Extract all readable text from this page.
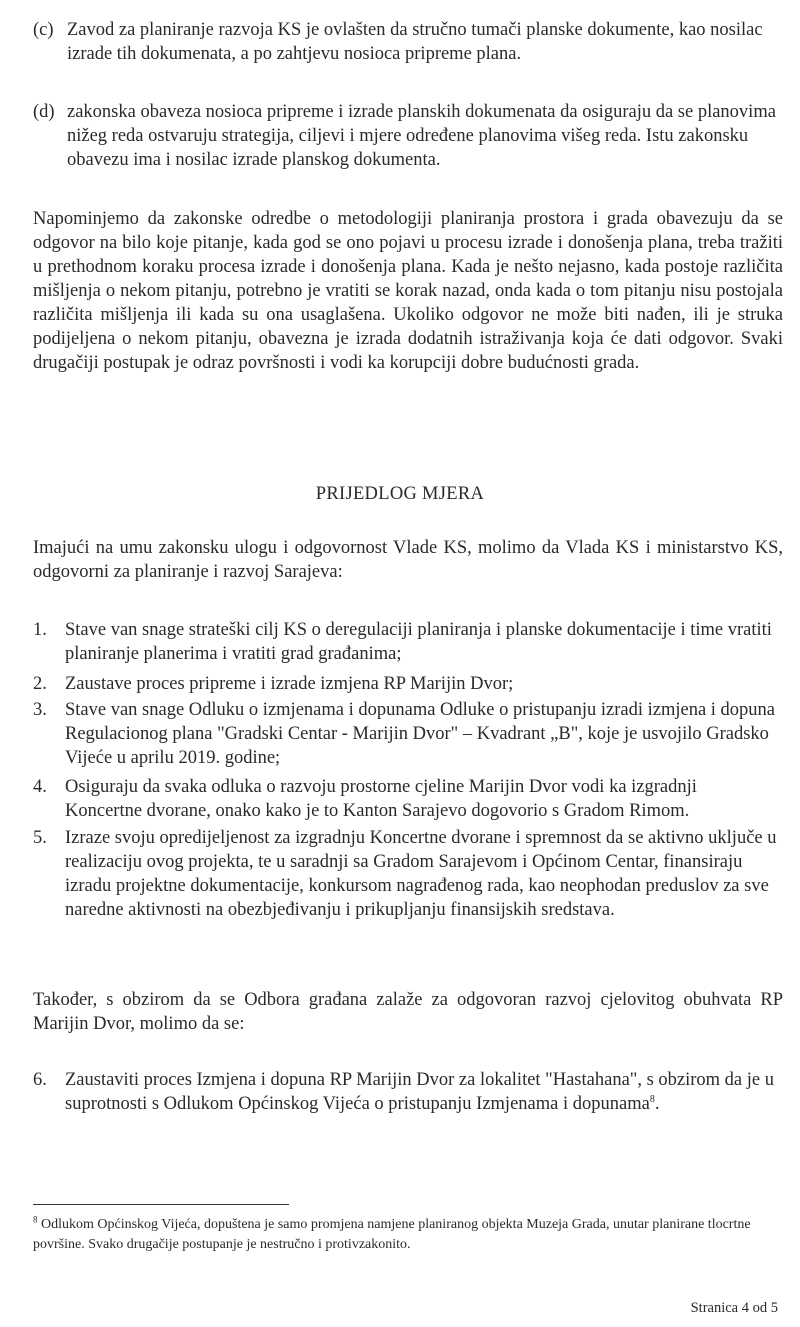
(c) Zavod za planiranje razvoja KS je ovlašten da stručno tumači planske dokumente, kao nosilac izrade tih dokumenata, a po zahtjevu nosioca pripreme plana.
(d) zakonska obaveza nosioca pripreme i izrade planskih dokumenata da osiguraju da se planovima nižeg reda ostvaruju strategija, ciljevi i mjere određene planovima višeg reda. Istu zakonsku obavezu ima i nosilac izrade planskog dokumenta.
Napominjemo da zakonske odredbe o metodologiji planiranja prostora i grada obavezuju da se odgovor na bilo koje pitanje, kada god se ono pojavi u procesu izrade i donošenja plana, treba tražiti u prethodnom koraku procesa izrade i donošenja plana. Kada je nešto nejasno, kada postoje različita mišljenja o nekom pitanju, potrebno je vratiti se korak nazad, onda kada o tom pitanju nisu postojala različita mišljenja ili kada su ona usaglašena. Ukoliko odgovor ne može biti nađen, ili je struka podijeljena o nekom pitanju, obavezna je izrada dodatnih istraživanja koja će dati odgovor. Svaki drugačiji postupak je odraz površnosti i vodi ka korupciji dobre budućnosti grada.
PRIJEDLOG MJERA
Imajući na umu zakonsku ulogu i odgovornost Vlade KS, molimo da Vlada KS i ministarstvo KS, odgovorni za planiranje i razvoj Sarajeva:
1. Stave van snage strateški cilj KS o deregulaciji planiranja i planske dokumentacije i time vratiti planiranje planerima i vratiti grad građanima;
2. Zaustave proces pripreme i izrade izmjena RP Marijin Dvor;
3. Stave van snage Odluku o izmjenama i dopunama Odluke o pristupanju izradi izmjena i dopuna Regulacionog plana "Gradski Centar - Marijin Dvor" – Kvadrant „B", koje je usvojilo Gradsko Vijeće u aprilu 2019. godine;
4. Osiguraju da svaka odluka o razvoju prostorne cjeline Marijin Dvor vodi ka izgradnji Koncertne dvorane, onako kako je to Kanton Sarajevo dogovorio s Gradom Rimom.
5. Izraze svoju opredijeljenost za izgradnju Koncertne dvorane i spremnost da se aktivno uključe u realizaciju ovog projekta, te u saradnji sa Gradom Sarajevom i Općinom Centar, finansiraju izradu projektne dokumentacije, konkursom nagrađenog rada, kao neophodan preduslov za sve naredne aktivnosti na obezbjeđivanju i prikupljanju finansijskih sredstava.
Također, s obzirom da se Odbora građana zalaže za odgovoran razvoj cjelovitog obuhvata RP Marijin Dvor, molimo da se:
6. Zaustaviti proces Izmjena i dopuna RP Marijin Dvor za lokalitet "Hastahana", s obzirom da je u suprotnosti s Odlukom Općinskog Vijeća o pristupanju Izmjenama i dopunama$^8$.
$^8$ Odlukom Općinskog Vijeća, dopuštena je samo promjena namjene planiranog objekta Muzeja Grada, unutar planirane tlocrtne površine. Svako drugačije postupanje je nestručno i protivzakonito.
Stranica 4 od 5
